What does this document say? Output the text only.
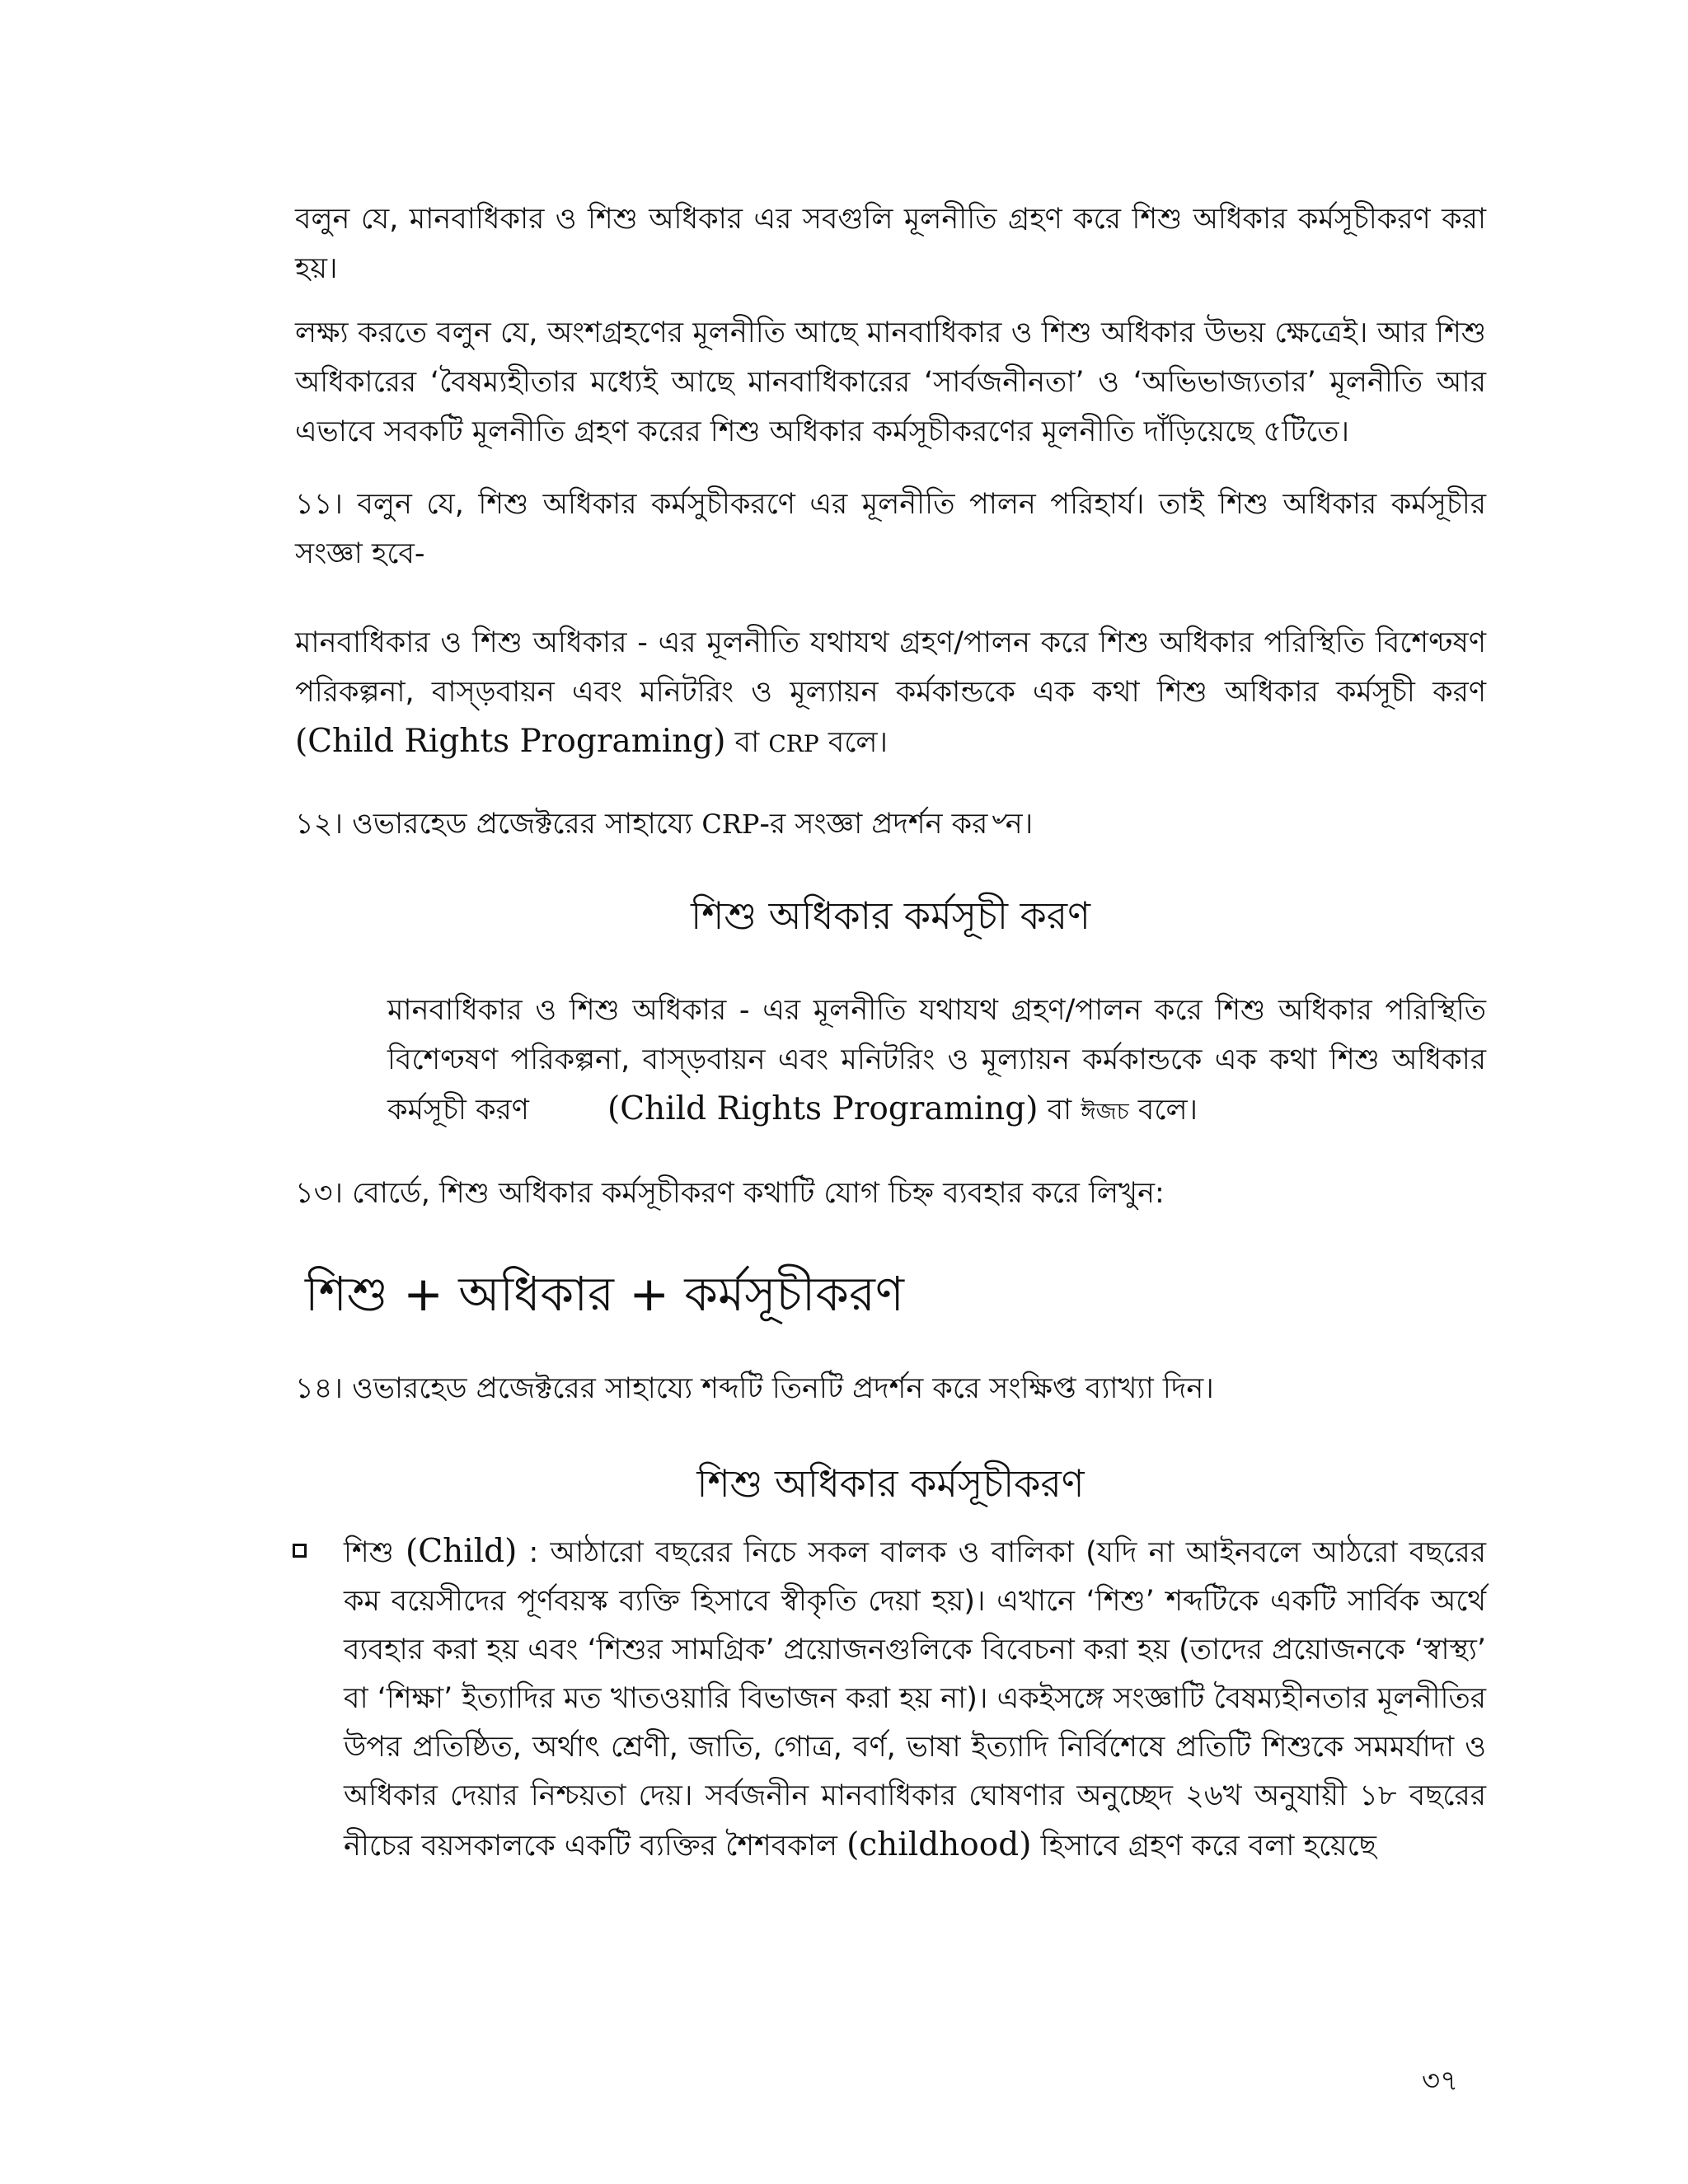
বলুন যে, মানবাধিকার ও শিশু অধিকার এর সবগুলি মূলনীতি গ্রহণ করে শিশু অধিকার কর্মসূচীকরণ করা হয়।

লক্ষ্য করতে বলুন যে, অংশগ্রহণের মূলনীতি আছে মানবাধিকার ও শিশু অধিকার উভয় ক্ষেত্রেই। আর শিশু অধিকারের ‘বৈষম্যহীতার মধ্যেই আছে মানবাধিকারের ‘সার্বজনীনতা’ ও ‘অভিভাজ্যতার’ মূলনীতি আর এভাবে সবকটি মূলনীতি গ্রহণ করের শিশু অধিকার কর্মসূচীকরণের মূলনীতি দাঁড়িয়েছে ৫টিতে।

১১। বলুন যে, শিশু অধিকার কর্মসুচীকরণে এর মূলনীতি পালন পরিহার্য। তাই শিশু অধিকার কর্মসূচীর সংজ্ঞা হবে-

মানবাধিকার ও শিশু অধিকার - এর মূলনীতি যথাযথ গ্রহণ/পালন করে শিশু অধিকার পরিস্থিতি বিশেণ্ঢষণ পরিকল্পনা, বাস্ড়বায়ন এবং মনিটরিং ও মূল্যায়ন কর্মকান্ডকে এক কথা শিশু অধিকার কর্মসূচী করণ (Child Rights Programing) বা CRP বলে।

১২। ওভারহেড প্রজেক্টরের সাহায্যে CRP-র সংজ্ঞা প্রদর্শন কর৺ন।

শিশু অধিকার কর্মসূচী করণ

মানবাধিকার ও শিশু অধিকার - এর মূলনীতি যথাযথ গ্রহণ/পালন করে শিশু অধিকার পরিস্থিতি বিশেণ্ঢষণ পরিকল্পনা, বাস্ড়বায়ন এবং মনিটরিং ও মূল্যায়ন কর্মকান্ডকে এক কথা শিশু অধিকার কর্মসূচী করণ (Child Rights Programing) বা ঈজচ বলে।

১৩। বোর্ডে, শিশু অধিকার কর্মসূচীকরণ কথাটি যোগ চিহ্ন ব্যবহার করে লিখুন:

শিশু + অধিকার + কর্মসূচীকরণ

১৪। ওভারহেড প্রজেক্টরের সাহায্যে শব্দটি তিনটি প্রদর্শন করে সংক্ষিপ্ত ব্যাখ্যা দিন।

শিশু অধিকার কর্মসূচীকরণ

শিশু (Child) : আঠারো বছরের নিচে সকল বালক ও বালিকা (যদি না আইনবলে আঠরো বছরের কম বয়েসীদের পূর্ণবয়স্ক ব্যক্তি হিসাবে স্বীকৃতি দেয়া হয়)। এখানে ‘শিশু’ শব্দটিকে একটি সার্বিক অর্থে ব্যবহার করা হয় এবং ‘শিশুর সামগ্রিক’ প্রয়োজনগুলিকে বিবেচনা করা হয় (তাদের প্রয়োজনকে ‘স্বাস্থ্য’ বা ‘শিক্ষা’ ইত্যাদির মত খাতওয়ারি বিভাজন করা হয় না)। একইসঙ্গে সংজ্ঞাটি বৈষম্যহীনতার মূলনীতির উপর প্রতিষ্ঠিত, অর্থাৎ শ্রেণী, জাতি, গোত্র, বর্ণ, ভাষা ইত্যাদি নির্বিশেষে প্রতিটি শিশুকে সমমর্যাদা ও অধিকার দেয়ার নিশ্চয়তা দেয়। সর্বজনীন মানবাধিকার ঘোষণার অনুচ্ছেদ ২৬খ অনুযায়ী ১৮ বছরের নীচের বয়সকালকে একটি ব্যক্তির শৈশবকাল (childhood) হিসাবে গ্রহণ করে বলা হয়েছে

৩৭
